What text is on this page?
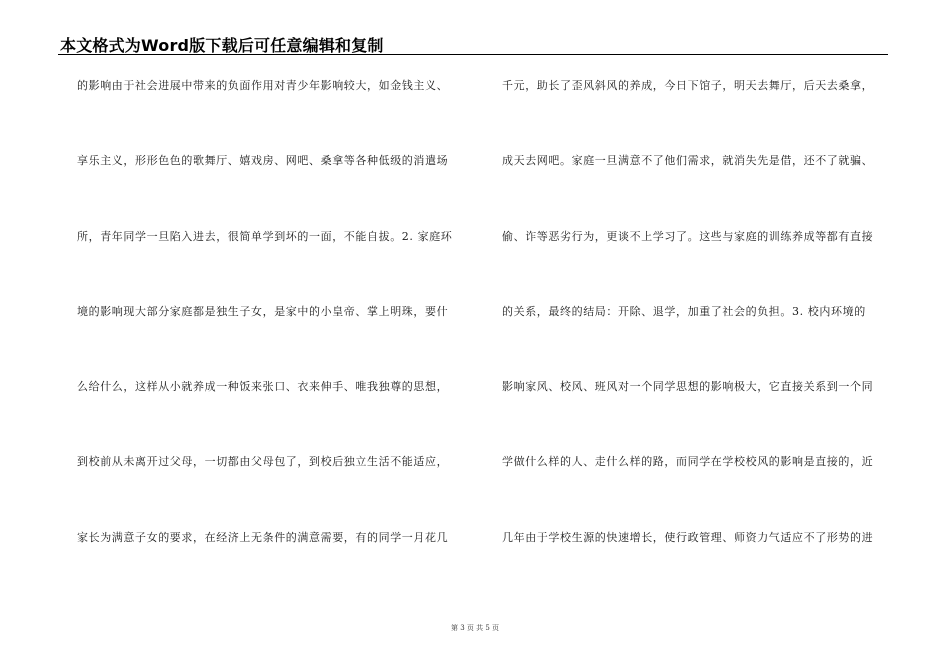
本文格式为Word版下载后可任意编辑和复制
的影响由于社会进展中带来的负面作用对青少年影响较大，如金钱主义、
享乐主义，形形色色的歌舞厅、嬉戏房、网吧、桑拿等各种低级的消遣场
所，青年同学一旦陷入进去，很简单学到坏的一面，不能自拔。2. 家庭环
境的影响现大部分家庭都是独生子女，是家中的小皇帝、掌上明珠，要什
么给什么，这样从小就养成一种饭来张口、衣来伸手、唯我独尊的思想，
到校前从未离开过父母，一切都由父母包了，到校后独立生活不能适应，
家长为满意子女的要求，在经济上无条件的满意需要，有的同学一月花几
千元，助长了歪风斜风的养成，今日下馆子，明天去舞厅，后天去桑拿，
成天去网吧。家庭一旦满意不了他们需求，就消失先是借，还不了就骗、
偷、诈等恶劣行为，更谈不上学习了。这些与家庭的训练养成等都有直接
的关系，最终的结局：开除、退学，加重了社会的负担。3. 校内环境的
影响家风、校风、班风对一个同学思想的影响极大，它直接关系到一个同
学做什么样的人、走什么样的路，而同学在学校校风的影响是直接的，近
几年由于学校生源的快速增长，使行政管理、师资力气适应不了形势的进
第 3 页 共 5 页
